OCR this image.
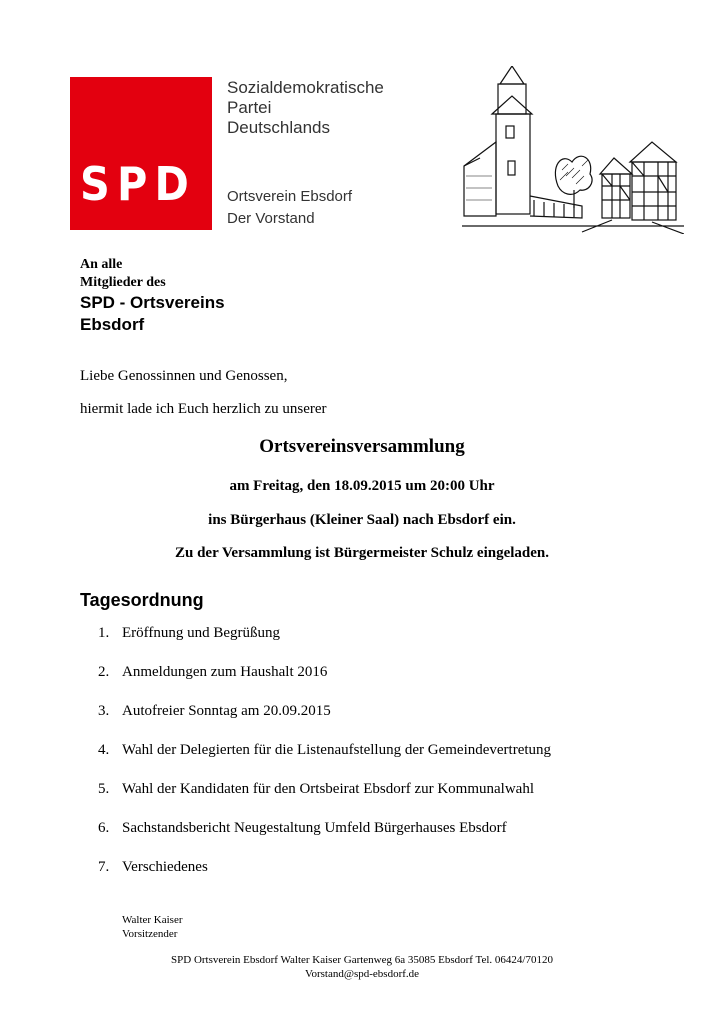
SPD
Sozialdemokratische
Partei
Deutschlands
Ortsverein Ebsdorf
Der Vorstand
An alle
Mitglieder des
SPD - Ortsvereins
Ebsdorf
Liebe Genossinnen und Genossen,
hiermit lade ich Euch herzlich zu unserer
Ortsvereinsversammlung
am Freitag, den 18.09.2015 um 20:00 Uhr
ins Bürgerhaus (Kleiner Saal) nach Ebsdorf ein.
Zu der Versammlung ist Bürgermeister Schulz eingeladen.
Tagesordnung
1. Eröffnung und Begrüßung
2. Anmeldungen zum Haushalt 2016
3. Autofreier Sonntag am 20.09.2015
4. Wahl der Delegierten für die Listenaufstellung der Gemeindevertretung
5. Wahl der Kandidaten für den Ortsbeirat Ebsdorf zur Kommunalwahl
6. Sachstandsbericht Neugestaltung Umfeld Bürgerhauses Ebsdorf
7. Verschiedenes
Walter Kaiser
Vorsitzender
SPD Ortsverein Ebsdorf Walter Kaiser Gartenweg 6a 35085 Ebsdorf Tel. 06424/70120
Vorstand@spd-ebsdorf.de
